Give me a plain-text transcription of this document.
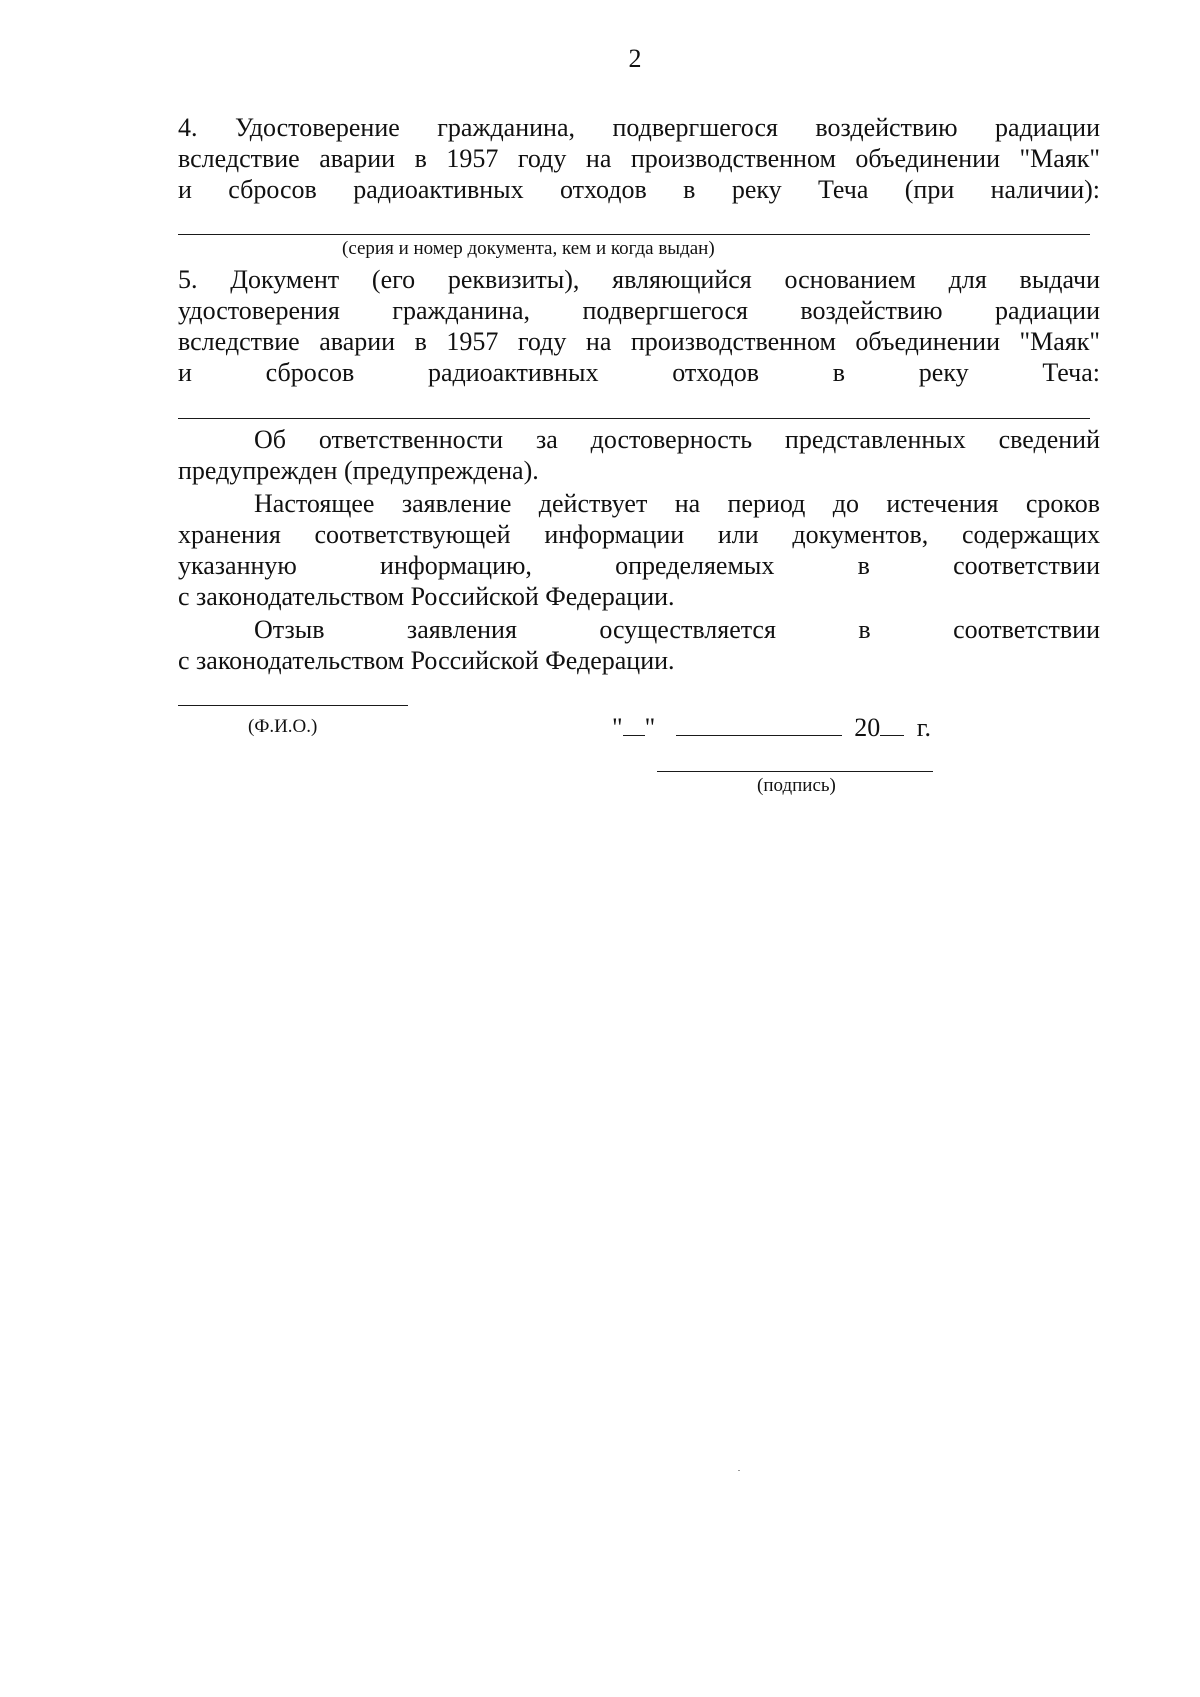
2
4. Удостоверение гражданина, подвергшегося воздействию радиации
вследствие аварии в 1957 году на производственном объединении "Маяк"
и сбросов радиоактивных отходов в реку Теча (при наличии):
(серия и номер документа, кем и когда выдан)
5. Документ (его реквизиты), являющийся основанием для выдачи
удостоверения гражданина, подвергшегося воздействию радиации
вследствие аварии в 1957 году на производственном объединении "Маяк"
и сбросов радиоактивных отходов в реку Теча:
Об ответственности за достоверность представленных сведений
предупрежден (предупреждена).
Настоящее заявление действует на период до истечения сроков
хранения соответствующей информации или документов, содержащих
указанную информацию, определяемых в соответствии
с законодательством Российской Федерации.
Отзыв заявления осуществляется в соответствии
с законодательством Российской Федерации.
(Ф.И.О.)	" "	20 г.
(подпись)
